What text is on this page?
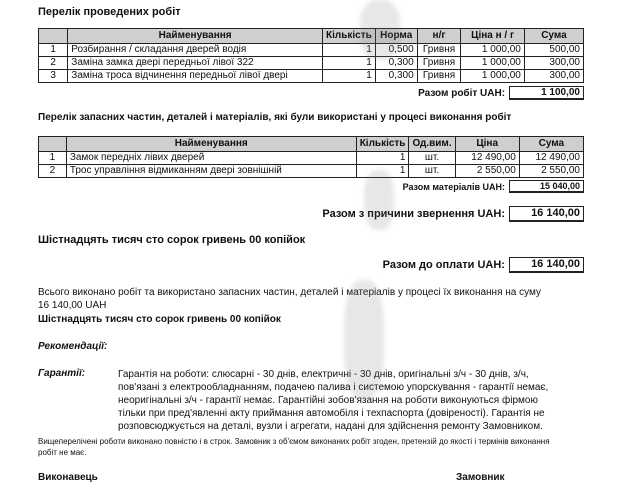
Перелік проведених робіт
	Найменування	Кількість	Норма	н/г	Ціна н / г	Сума
1	Розбирання / складання дверей водія	1	0,500	Гривня	1 000,00	500,00
2	Заміна замка двері передньої лівої 322	1	0,300	Гривня	1 000,00	300,00
3	Заміна троса відчинення передньої лівої двері	1	0,300	Гривня	1 000,00	300,00
Разом робіт UAH:	1 100,00
Перелік запасних частин, деталей і матеріалів, які були використані у процесі виконання робіт
	Найменування	Кількість	Од.вим.	Ціна	Сума
1	Замок передніх лівих дверей	1	шт.	12 490,00	12 490,00
2	Трос управління відмиканням двері зовнішній	1	шт.	2 550,00	2 550,00
Разом матеріалів UAH:	15 040,00
Разом з причини звернення UAH:	16 140,00
Шістнадцять тисяч сто сорок гривень 00 копійок
Разом до оплати UAH:	16 140,00
Всього виконано робіт та використано запасних частин, деталей і матеріалів у процесі їх виконання на суму
16 140,00 UAH
Шістнадцять тисяч сто сорок гривень 00 копійок
Рекомендації:
Гарантії:	Гарантія на роботи: слюсарні - 30 днів, електричні - 30 днів, оригінальні з/ч - 30 днів, з/ч,
пов'язані з електрообладнанням, подачею палива і системою упорскування - гарантії немає,
неоригінальні з/ч - гарантії немає. Гарантійні зобов'язання на роботи виконуються фірмою
тільки при пред'явленні акту приймання автомобіля і техпаспорта (довіреності). Гарантія не
розповсюджується на деталі, вузли і агрегати, надані для здійснення ремонту Замовником.
Вищеперелічені роботи виконано повністю і в строк. Замовник з об'ємом виконаних робіт згоден, претензій до якості і термінів виконання
робіт не має.
Виконавець	Замовник
